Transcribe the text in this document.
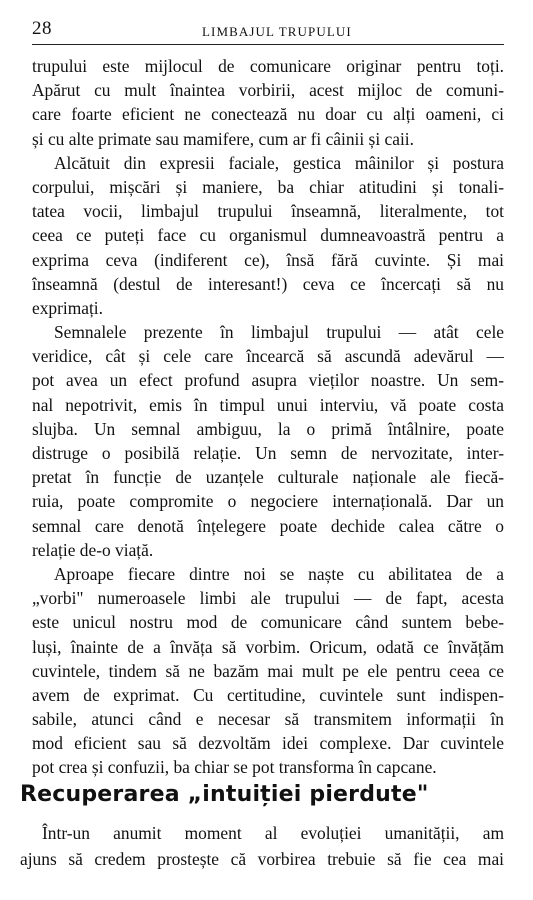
28	LIMBAJUL TRUPULUI
trupului este mijlocul de comunicare originar pentru toți.
Apărut cu mult înaintea vorbirii, acest mijloc de comuni-
care foarte eficient ne conectează nu doar cu alți oameni, ci
și cu alte primate sau mamifere, cum ar fi câinii și caii.
Alcătuit din expresii faciale, gestica mâinilor și postura
corpului, mișcări și maniere, ba chiar atitudini și tonali-
tatea vocii, limbajul trupului înseamnă, literalmente, tot
ceea ce puteți face cu organismul dumneavoastră pentru a
exprima ceva (indiferent ce), însă fără cuvinte. Și mai
înseamnă (destul de interesant!) ceva ce încercați să nu
exprimați.
Semnalele prezente în limbajul trupului — atât cele
veridice, cât și cele care încearcă să ascundă adevărul —
pot avea un efect profund asupra vieților noastre. Un sem-
nal nepotrivit, emis în timpul unui interviu, vă poate costa
slujba. Un semnal ambiguu, la o primă întâlnire, poate
distruge o posibilă relație. Un semn de nervozitate, inter-
pretat în funcție de uzanțele culturale naționale ale fiecă-
ruia, poate compromite o negociere internațională. Dar un
semnal care denotă înțelegere poate dechide calea către o
relație de-o viață.
Aproape fiecare dintre noi se naște cu abilitatea de a
„vorbi" numeroasele limbi ale trupului — de fapt, acesta
este unicul nostru mod de comunicare când suntem bebe-
luși, înainte de a învăța să vorbim. Oricum, odată ce învățăm
cuvintele, tindem să ne bazăm mai mult pe ele pentru ceea ce
avem de exprimat. Cu certitudine, cuvintele sunt indispen-
sabile, atunci când e necesar să transmitem informații în
mod eficient sau să dezvoltăm idei complexe. Dar cuvintele
pot crea și confuzii, ba chiar se pot transforma în capcane.
Recuperarea „intuiției pierdute"
Într-un anumit moment al evoluției umanității, am
ajuns să credem prostește că vorbirea trebuie să fie cea mai
